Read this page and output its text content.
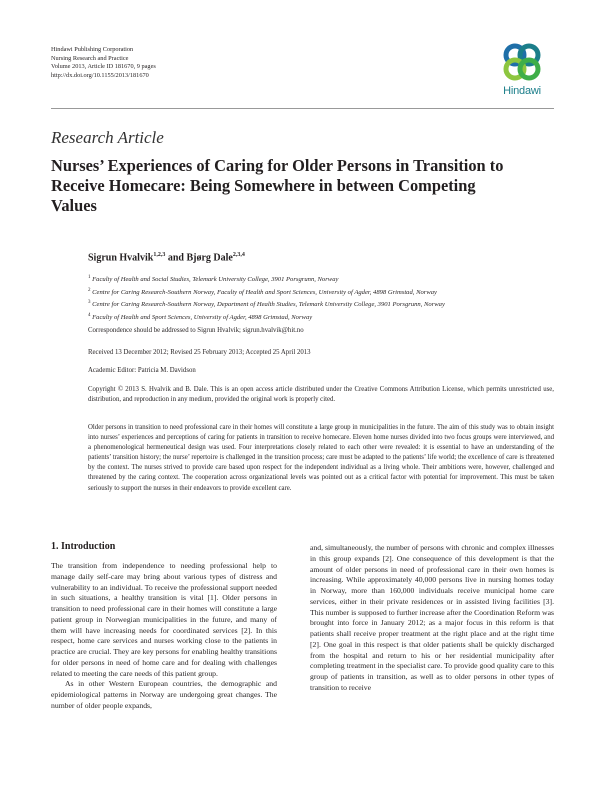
Hindawi Publishing Corporation
Nursing Research and Practice
Volume 2013, Article ID 181670, 9 pages
http://dx.doi.org/10.1155/2013/181670
Hindawi
Research Article
Nurses’ Experiences of Caring for Older Persons in Transition to Receive Homecare: Being Somewhere in between Competing Values
Sigrun Hvalvik$^{1,2,3}$ and Bjørg Dale$^{2,3,4}$
$^1$ Faculty of Health and Social Studies, Telemark University College, 3901 Porsgrunn, Norway
$^2$ Centre for Caring Research-Southern Norway, Faculty of Health and Sport Sciences, University of Agder, 4898 Grimstad, Norway
$^3$ Centre for Caring Research-Southern Norway, Department of Health Studies, Telemark University College, 3901 Porsgrunn, Norway
$^4$ Faculty of Health and Sport Sciences, University of Agder, 4898 Grimstad, Norway
Correspondence should be addressed to Sigrun Hvalvik; sigrun.hvalvik@hit.no
Received 13 December 2012; Revised 25 February 2013; Accepted 25 April 2013
Academic Editor: Patricia M. Davidson
Copyright © 2013 S. Hvalvik and B. Dale. This is an open access article distributed under the Creative Commons Attribution License, which permits unrestricted use, distribution, and reproduction in any medium, provided the original work is properly cited.
Older persons in transition to need professional care in their homes will constitute a large group in municipalities in the future. The aim of this study was to obtain insight into nurses’ experiences and perceptions of caring for patients in transition to receive homecare. Eleven home nurses divided into two focus groups were interviewed, and a phenomenological hermeneutical design was used. Four interpretations closely related to each other were revealed: it is essential to have an understanding of the patients’ transition history; the nurse’ repertoire is challenged in the transition process; care must be adapted to the patients’ life world; the excellence of care is threatened by the context. The nurses strived to provide care based upon respect for the independent individual as a living whole. Their ambitions were, however, challenged and threatened by the caring context. The cooperation across organizational levels was pointed out as a critical factor with potential for improvement. This must be taken seriously to support the nurses in their endeavors to provide excellent care.
1. Introduction

The transition from independence to needing professional help to manage daily self-care may bring about various types of distress and vulnerability to an individual. To receive the professional support needed in such situations, a healthy transition is vital [1]. Older persons in transition to need professional care in their homes will constitute a large patient group in Norwegian municipalities in the future, and many of them will have increasing needs for coordinated services [2]. In this respect, home care services and nurses working close to the patients in practice are crucial. They are key persons for enabling healthy transitions for older persons in need of home care and for dealing with challenges related to meeting the care needs of this patient group.

As in other Western European countries, the demographic and epidemiological patterns in Norway are undergoing great changes. The number of older people expands,

and, simultaneously, the number of persons with chronic and complex illnesses in this group expands [2]. One consequence of this development is that the amount of older persons in need of professional care in their own homes is increasing. While approximately 40,000 persons live in nursing homes today in Norway, more than 160,000 individuals receive municipal home care services, either in their private residences or in assisted living facilities [3]. This number is supposed to further increase after the Coordination Reform was brought into force in January 2012; as a major focus in this reform is that patients shall receive proper treatment at the right place and at the right time [2]. One goal in this respect is that older patients shall be quickly discharged from the hospital and return to his or her residential municipality after completing treatment in the specialist care. To provide good quality care to this group of patients in transition, as well as to older persons in other types of transition to receive
